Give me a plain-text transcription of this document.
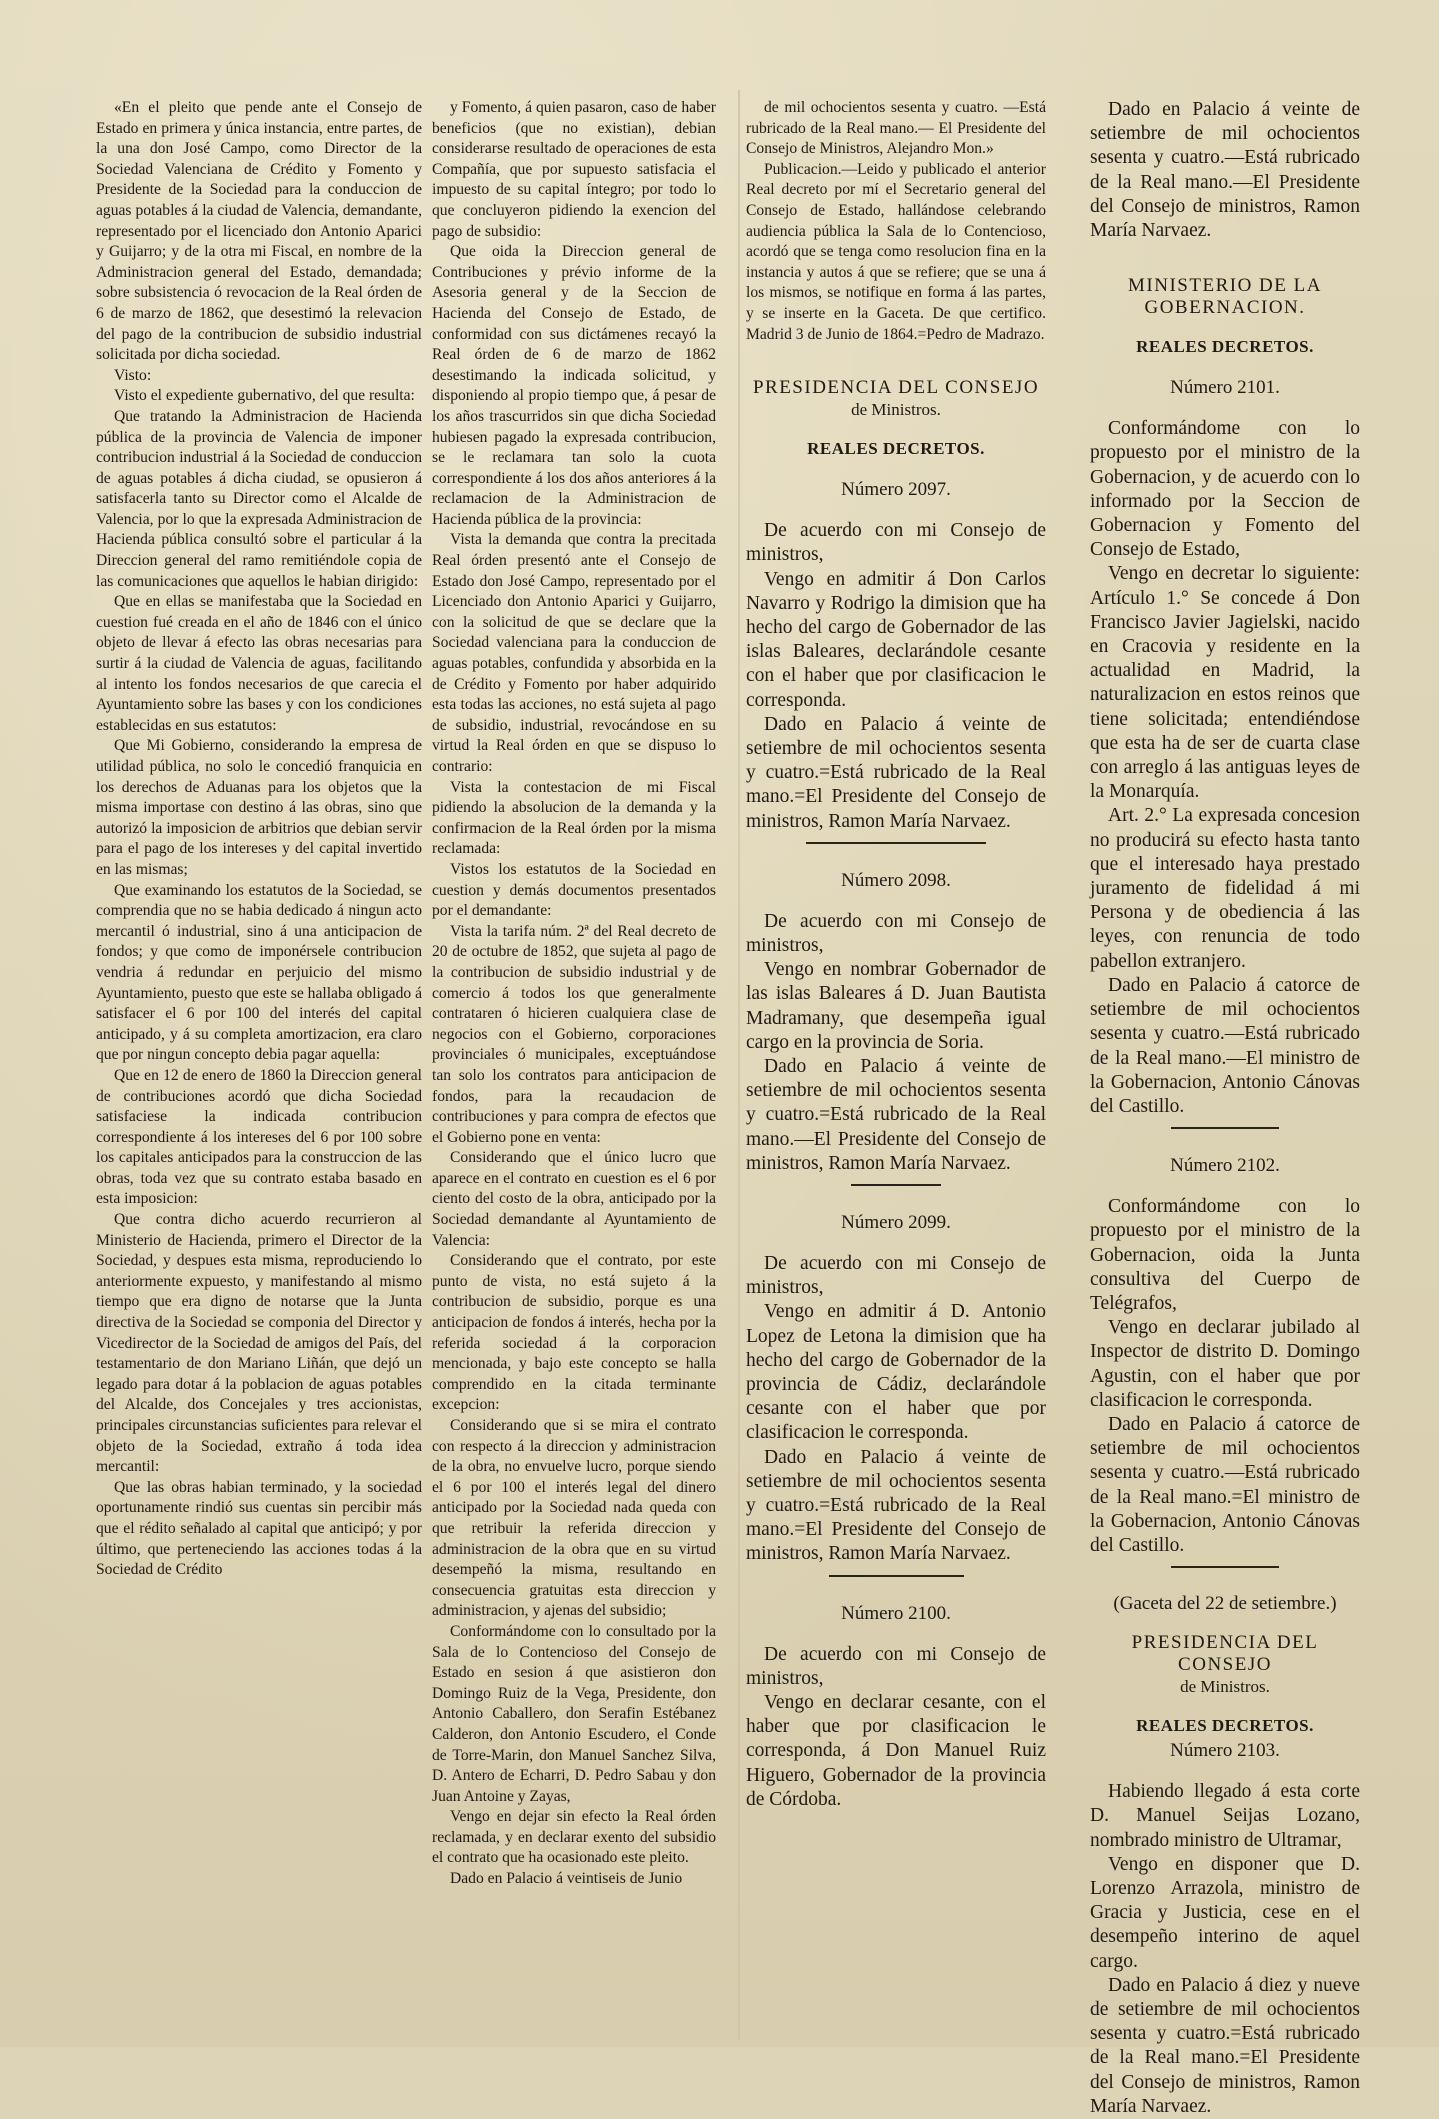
«En el pleito que pende ante el Consejo de Estado en primera y única instancia, entre partes, de la una don José Campo, como Director de la Sociedad Valenciana de Crédito y Fomento y Presidente de la Sociedad para la conduccion de aguas potables á la ciudad de Valencia, demandante, representado por el licenciado don Antonio Aparici y Guijarro; y de la otra mi Fiscal, en nombre de la Administracion general del Estado, demandada; sobre subsistencia ó revocacion de la Real órden de 6 de marzo de 1862, que desestimó la relevacion del pago de la contribucion de subsidio industrial solicitada por dicha sociedad.

Visto:

Visto el expediente gubernativo, del que resulta:

Que tratando la Administracion de Hacienda pública de la provincia de Valencia de imponer contribucion industrial á la Sociedad de conduccion de aguas potables á dicha ciudad, se opusieron á satisfacerla tanto su Director como el Alcalde de Valencia, por lo que la expresada Administracion de Hacienda pública consultó sobre el particular á la Direccion general del ramo remitiéndole copia de las comunicaciones que aquellos le habian dirigido:

Que en ellas se manifestaba que la Sociedad en cuestion fué creada en el año de 1846 con el único objeto de llevar á efecto las obras necesarias para surtir á la ciudad de Valencia de aguas, facilitando al intento los fondos necesarios de que carecia el Ayuntamiento sobre las bases y con los condiciones establecidas en sus estatutos:

Que Mi Gobierno, considerando la empresa de utilidad pública, no solo le concedió franquicia en los derechos de Aduanas para los objetos que la misma importase con destino á las obras, sino que autorizó la imposicion de arbitrios que debian servir para el pago de los intereses y del capital invertido en las mismas;

Que examinando los estatutos de la Sociedad, se comprendia que no se habia dedicado á ningun acto mercantil ó industrial, sino á una anticipacion de fondos; y que como de imponérsele contribucion vendria á redundar en perjuicio del mismo Ayuntamiento, puesto que este se hallaba obligado á satisfacer el 6 por 100 del interés del capital anticipado, y á su completa amortizacion, era claro que por ningun concepto debia pagar aquella:

Que en 12 de enero de 1860 la Direccion general de contribuciones acordó que dicha Sociedad satisfaciese la indicada contribucion correspondiente á los intereses del 6 por 100 sobre los capitales anticipados para la construccion de las obras, toda vez que su contrato estaba basado en esta imposicion:

Que contra dicho acuerdo recurrieron al Ministerio de Hacienda, primero el Director de la Sociedad, y despues esta misma, reproduciendo lo anteriormente expuesto, y manifestando al mismo tiempo que era digno de notarse que la Junta directiva de la Sociedad se componia del Director y Vicedirector de la Sociedad de amigos del País, del testamentario de don Mariano Liñán, que dejó un legado para dotar á la poblacion de aguas potables del Alcalde, dos Concejales y tres accionistas, principales circunstancias suficientes para relevar el objeto de la Sociedad, extraño á toda idea mercantil:

Que las obras habian terminado, y la sociedad oportunamente rindió sus cuentas sin percibir más que el rédito señalado al capital que anticipó; y por último, que perteneciendo las acciones todas á la Sociedad de Crédito

y Fomento, á quien pasaron, caso de haber beneficios (que no existian), debian considerarse resultado de operaciones de esta Compañía, que por supuesto satisfacia el impuesto de su capital íntegro; por todo lo que concluyeron pidiendo la exencion del pago de subsidio:

Que oida la Direccion general de Contribuciones y prévio informe de la Asesoria general y de la Seccion de Hacienda del Consejo de Estado, de conformidad con sus dictámenes recayó la Real órden de 6 de marzo de 1862 desestimando la indicada solicitud, y disponiendo al propio tiempo que, á pesar de los años trascurridos sin que dicha Sociedad hubiesen pagado la expresada contribucion, se le reclamara tan solo la cuota correspondiente á los dos años anteriores á la reclamacion de la Administracion de Hacienda pública de la provincia:

Vista la demanda que contra la precitada Real órden presentó ante el Consejo de Estado don José Campo, representado por el Licenciado don Antonio Aparici y Guijarro, con la solicitud de que se declare que la Sociedad valenciana para la conduccion de aguas potables, confundida y absorbida en la de Crédito y Fomento por haber adquirido esta todas las acciones, no está sujeta al pago de subsidio, industrial, revocándose en su virtud la Real órden en que se dispuso lo contrario:

Vista la contestacion de mi Fiscal pidiendo la absolucion de la demanda y la confirmacion de la Real órden por la misma reclamada:

Vistos los estatutos de la Sociedad en cuestion y demás documentos presentados por el demandante:

Vista la tarifa núm. 2ª del Real decreto de 20 de octubre de 1852, que sujeta al pago de la contribucion de subsidio industrial y de comercio á todos los que generalmente contrataren ó hicieren cualquiera clase de negocios con el Gobierno, corporaciones provinciales ó municipales, exceptuándose tan solo los contratos para anticipacion de fondos, para la recaudacion de contribuciones y para compra de efectos que el Gobierno pone en venta:

Considerando que el único lucro que aparece en el contrato en cuestion es el 6 por ciento del costo de la obra, anticipado por la Sociedad demandante al Ayuntamiento de Valencia:

Considerando que el contrato, por este punto de vista, no está sujeto á la contribucion de subsidio, porque es una anticipacion de fondos á interés, hecha por la referida sociedad á la corporacion mencionada, y bajo este concepto se halla comprendido en la citada terminante excepcion:

Considerando que si se mira el contrato con respecto á la direccion y administracion de la obra, no envuelve lucro, porque siendo el 6 por 100 el interés legal del dinero anticipado por la Sociedad nada queda con que retribuir la referida direccion y administracion de la obra que en su virtud desempeñó la misma, resultando en consecuencia gratuitas esta direccion y administracion, y ajenas del subsidio;

Conformándome con lo consultado por la Sala de lo Contencioso del Consejo de Estado en sesion á que asistieron don Domingo Ruiz de la Vega, Presidente, don Antonio Caballero, don Serafin Estébanez Calderon, don Antonio Escudero, el Conde de Torre-Marin, don Manuel Sanchez Silva, D. Antero de Echarri, D. Pedro Sabau y don Juan Antoine y Zayas,

Vengo en dejar sin efecto la Real órden reclamada, y en declarar exento del subsidio el contrato que ha ocasionado este pleito.

Dado en Palacio á veintiseis de Junio

de mil ochocientos sesenta y cuatro. —Está rubricado de la Real mano.— El Presidente del Consejo de Ministros, Alejandro Mon.»

Publicacion.—Leido y publicado el anterior Real decreto por mí el Secretario general del Consejo de Estado, hallándose celebrando audiencia pública la Sala de lo Contencioso, acordó que se tenga como resolucion fina en la instancia y autos á que se refiere; que se una á los mismos, se notifique en forma á las partes, y se inserte en la Gaceta. De que certifico. Madrid 3 de Junio de 1864.=Pedro de Madrazo.

PRESIDENCIA DEL CONSEJO
de Ministros.
REALES DECRETOS.
Número 2097.

De acuerdo con mi Consejo de ministros,

Vengo en admitir á Don Carlos Navarro y Rodrigo la dimision que ha hecho del cargo de Gobernador de las islas Baleares, declarándole cesante con el haber que por clasificacion le corresponda.

Dado en Palacio á veinte de setiembre de mil ochocientos sesenta y cuatro.=Está rubricado de la Real mano.=El Presidente del Consejo de ministros, Ramon María Narvaez.

Número 2098.

De acuerdo con mi Consejo de ministros,

Vengo en nombrar Gobernador de las islas Baleares á D. Juan Bautista Madramany, que desempeña igual cargo en la provincia de Soria.

Dado en Palacio á veinte de setiembre de mil ochocientos sesenta y cuatro.=Está rubricado de la Real mano.—El Presidente del Consejo de ministros, Ramon María Narvaez.

Número 2099.

De acuerdo con mi Consejo de ministros,

Vengo en admitir á D. Antonio Lopez de Letona la dimision que ha hecho del cargo de Gobernador de la provincia de Cádiz, declarándole cesante con el haber que por clasificacion le corresponda.

Dado en Palacio á veinte de setiembre de mil ochocientos sesenta y cuatro.=Está rubricado de la Real mano.=El Presidente del Consejo de ministros, Ramon María Narvaez.

Número 2100.

De acuerdo con mi Consejo de ministros,

Vengo en declarar cesante, con el haber que por clasificacion le corresponda, á Don Manuel Ruiz Higuero, Gobernador de la provincia de Córdoba.

Dado en Palacio á veinte de setiembre de mil ochocientos sesenta y cuatro.—Está rubricado de la Real mano.—El Presidente del Consejo de ministros, Ramon María Narvaez.

MINISTERIO DE LA GOBERNACION.
REALES DECRETOS.
Número 2101.

Conformándome con lo propuesto por el ministro de la Gobernacion, y de acuerdo con lo informado por la Seccion de Gobernacion y Fomento del Consejo de Estado,

Vengo en decretar lo siguiente: Artículo 1.° Se concede á Don Francisco Javier Jagielski, nacido en Cracovia y residente en la actualidad en Madrid, la naturalizacion en estos reinos que tiene solicitada; entendiéndose que esta ha de ser de cuarta clase con arreglo á las antiguas leyes de la Monarquía.

Art. 2.° La expresada concesion no producirá su efecto hasta tanto que el interesado haya prestado juramento de fidelidad á mi Persona y de obediencia á las leyes, con renuncia de todo pabellon extranjero.

Dado en Palacio á catorce de setiembre de mil ochocientos sesenta y cuatro.—Está rubricado de la Real mano.—El ministro de la Gobernacion, Antonio Cánovas del Castillo.

Número 2102.

Conformándome con lo propuesto por el ministro de la Gobernacion, oida la Junta consultiva del Cuerpo de Telégrafos,

Vengo en declarar jubilado al Inspector de distrito D. Domingo Agustin, con el haber que por clasificacion le corresponda.

Dado en Palacio á catorce de setiembre de mil ochocientos sesenta y cuatro.—Está rubricado de la Real mano.=El ministro de la Gobernacion, Antonio Cánovas del Castillo.

(Gaceta del 22 de setiembre.)
PRESIDENCIA DEL CONSEJO
de Ministros.
REALES DECRETOS.
Número 2103.

Habiendo llegado á esta corte D. Manuel Seijas Lozano, nombrado ministro de Ultramar,

Vengo en disponer que D. Lorenzo Arrazola, ministro de Gracia y Justicia, cese en el desempeño interino de aquel cargo.

Dado en Palacio á diez y nueve de setiembre de mil ochocientos sesenta y cuatro.=Está rubricado de la Real mano.=El Presidente del Consejo de ministros, Ramon María Narvaez.
